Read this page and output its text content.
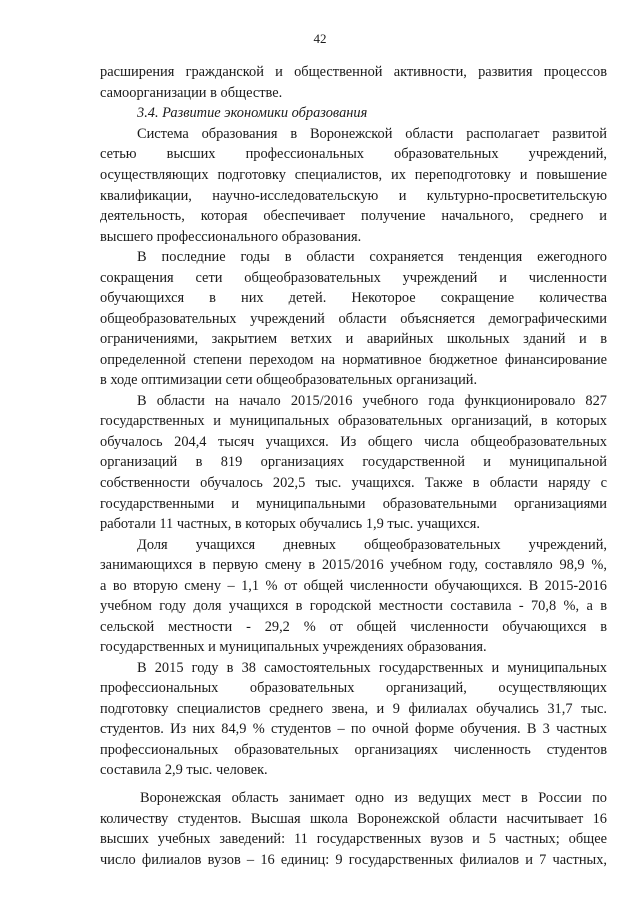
42
расширения гражданской и общественной активности, развития процессов
самоорганизации в обществе.
3.4. Развитие экономики образования
Система образования в Воронежской области располагает развитой
сетью высших профессиональных образовательных учреждений,
осуществляющих подготовку специалистов, их переподготовку и повышение
квалификации, научно-исследовательскую и культурно-просветительскую
деятельность, которая обеспечивает получение начального, среднего и
высшего профессионального образования.
В последние годы в области сохраняется тенденция ежегодного
сокращения сети общеобразовательных учреждений и численности
обучающихся в них детей. Некоторое сокращение количества
общеобразовательных учреждений области объясняется демографическими
ограничениями, закрытием ветхих и аварийных школьных зданий и в
определенной степени переходом на нормативное бюджетное финансирование
в ходе оптимизации сети общеобразовательных организаций.
В области на начало 2015/2016 учебного года функционировало 827
государственных и муниципальных образовательных организаций, в которых
обучалось 204,4 тысяч учащихся. Из общего числа общеобразовательных
организаций в 819 организациях государственной и муниципальной
собственности обучалось 202,5 тыс. учащихся. Также в области наряду с
государственными и муниципальными образовательными организациями
работали 11 частных, в которых обучались 1,9 тыс. учащихся.
Доля учащихся дневных общеобразовательных учреждений,
занимающихся в первую смену в 2015/2016 учебном году, составляло 98,9 %,
а во вторую смену – 1,1 % от общей численности обучающихся. В 2015-2016
учебном году доля учащихся в городской местности составила - 70,8 %, а в
сельской местности - 29,2 % от общей численности обучающихся в
государственных и муниципальных учреждениях образования.
В 2015 году в 38 самостоятельных государственных и муниципальных
профессиональных образовательных организаций, осуществляющих
подготовку специалистов среднего звена, и 9 филиалах обучались 31,7 тыс.
студентов. Из них 84,9 % студентов – по очной форме обучения. В 3 частных
профессиональных образовательных организациях численность студентов
составила 2,9 тыс. человек.
Воронежская область занимает одно из ведущих мест в России по
количеству студентов. Высшая школа Воронежской области насчитывает 16
высших учебных заведений: 11 государственных вузов и 5 частных; общее
число филиалов вузов – 16 единиц: 9 государственных филиалов и 7 частных,
